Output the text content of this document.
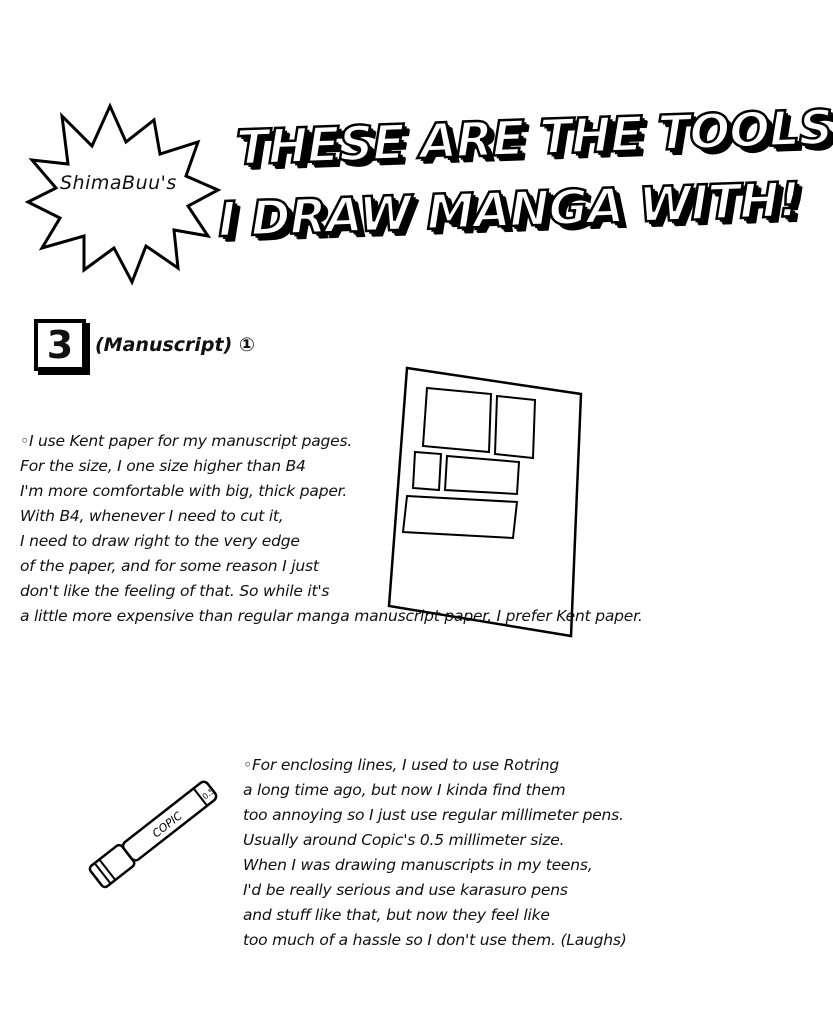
ShimaBuu's
THESE ARE THE TOOLS
I DRAW MANGA WITH!
3	(Manuscript) ①
◦I use Kent paper for my manuscript pages.
For the size, I one size higher than B4
I'm more comfortable with big, thick paper.
With B4, whenever I need to cut it,
I need to draw right to the very edge
of the paper, and for some reason I just
don't like the feeling of that. So while it's
a little more expensive than regular manga manuscript paper, I prefer Kent paper.
COPIC
0.5
◦For enclosing lines, I used to use Rotring
a long time ago, but now I kinda find them
too annoying so I just use regular millimeter pens.
Usually around Copic's 0.5 millimeter size.
When I was drawing manuscripts in my teens,
I'd be really serious and use karasuro pens
and stuff like that, but now they feel like
too much of a hassle so I don't use them. (Laughs)
